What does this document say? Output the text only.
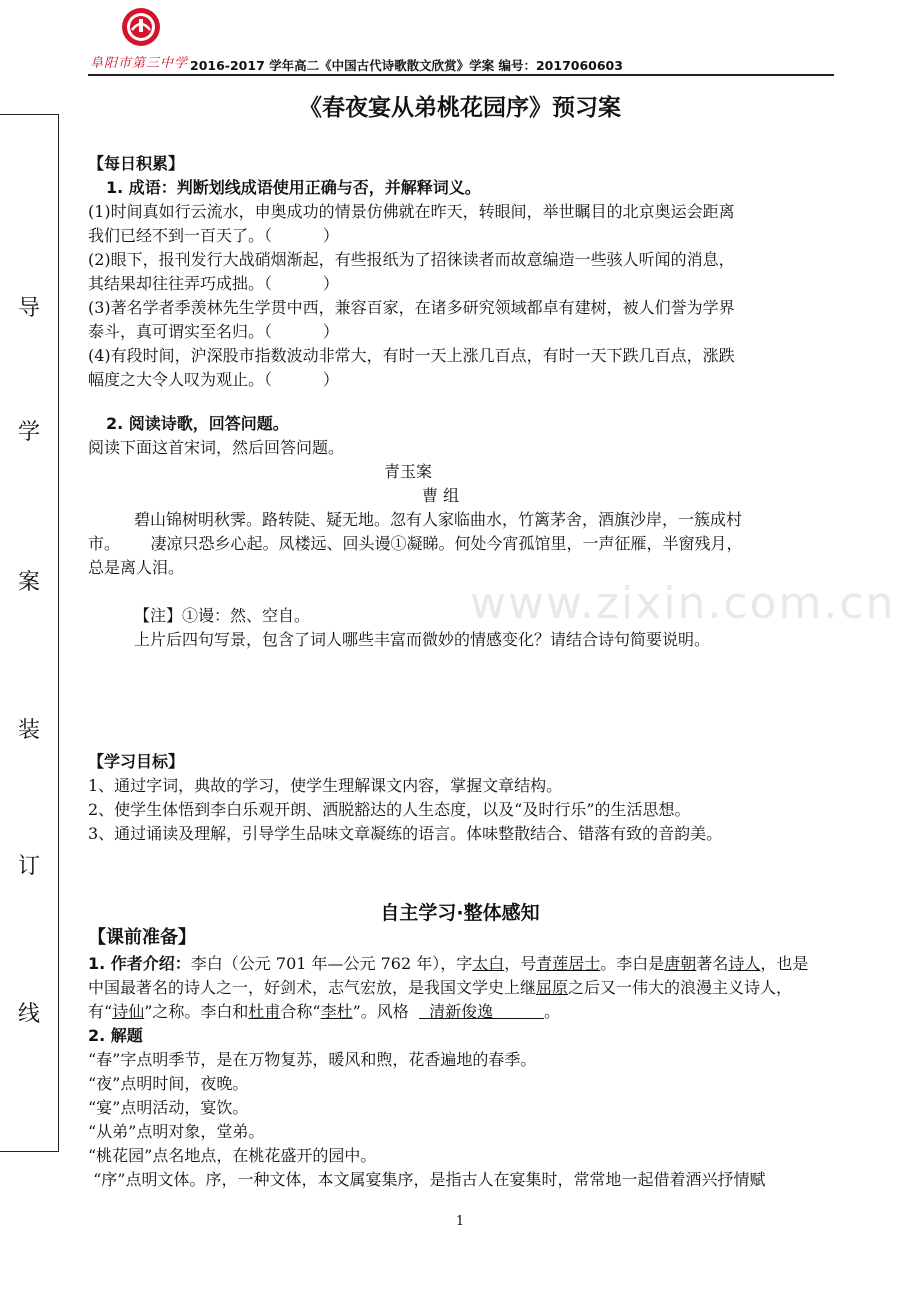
阜阳市第三中学 2016-2017 学年高二《中国古代诗歌散文欣赏》学案 编号：2017060603
导
学
案
装
订
线
《春夜宴从弟桃花园序》预习案
www.zixin.com.cn
【每日积累】
1. 成语：判断划线成语使用正确与否，并解释词义。
(1)时间真如行云流水，申奥成功的情景仿佛就在昨天，转眼间，举世瞩目的北京奥运会距离
我们已经不到一百天了。（          ）
(2)眼下，报刊发行大战硝烟渐起，有些报纸为了招徕读者而故意编造一些骇人听闻的消息，
其结果却往往弄巧成拙。（          ）
(3)著名学者季羡林先生学贯中西，兼容百家，在诸多研究领域都卓有建树，被人们誉为学界
泰斗，真可谓实至名归。（          ）
(4)有段时间，沪深股市指数波动非常大，有时一天上涨几百点，有时一天下跌几百点，涨跌
幅度之大令人叹为观止。（          ）
2. 阅读诗歌，回答问题。
阅读下面这首宋词，然后回答问题。
青玉案
曹 组
碧山锦树明秋霁。路转陡、疑无地。忽有人家临曲水，竹篱茅舍，酒旗沙岸，一簇成村
市。      凄凉只恐乡心起。凤楼远、回头谩①凝睇。何处今宵孤馆里，一声征雁，半窗残月，
总是离人泪。
【注】①谩：然、空自。
上片后四句写景，包含了词人哪些丰富而微妙的情感变化？请结合诗句简要说明。
【学习目标】
1、通过字词，典故的学习，使学生理解课文内容，掌握文章结构。
2、使学生体悟到李白乐观开朗、洒脱豁达的人生态度，以及“及时行乐”的生活思想。
3、通过诵读及理解，引导学生品味文章凝练的语言。体味整散结合、错落有致的音韵美。
自主学习·整体感知
【课前准备】
1. 作者介绍：李白（公元 701 年—公元 762 年），字太白，号青莲居士。李白是唐朝著名诗人，也是
中国最著名的诗人之一，好剑术，志气宏放，是我国文学史上继屈原之后又一伟大的浪漫主义诗人，
有“诗仙”之称。李白和杜甫合称“李杜”。风格    清新俊逸          。
2. 解题
“春”字点明季节，是在万物复苏，暖风和煦，花香遍地的春季。
“夜”点明时间，夜晚。
“宴”点明活动，宴饮。
“从弟”点明对象，堂弟。
“桃花园”点名地点，在桃花盛开的园中。
“序”点明文体。序，一种文体，本文属宴集序，是指古人在宴集时，常常地一起借着酒兴抒情赋
1
